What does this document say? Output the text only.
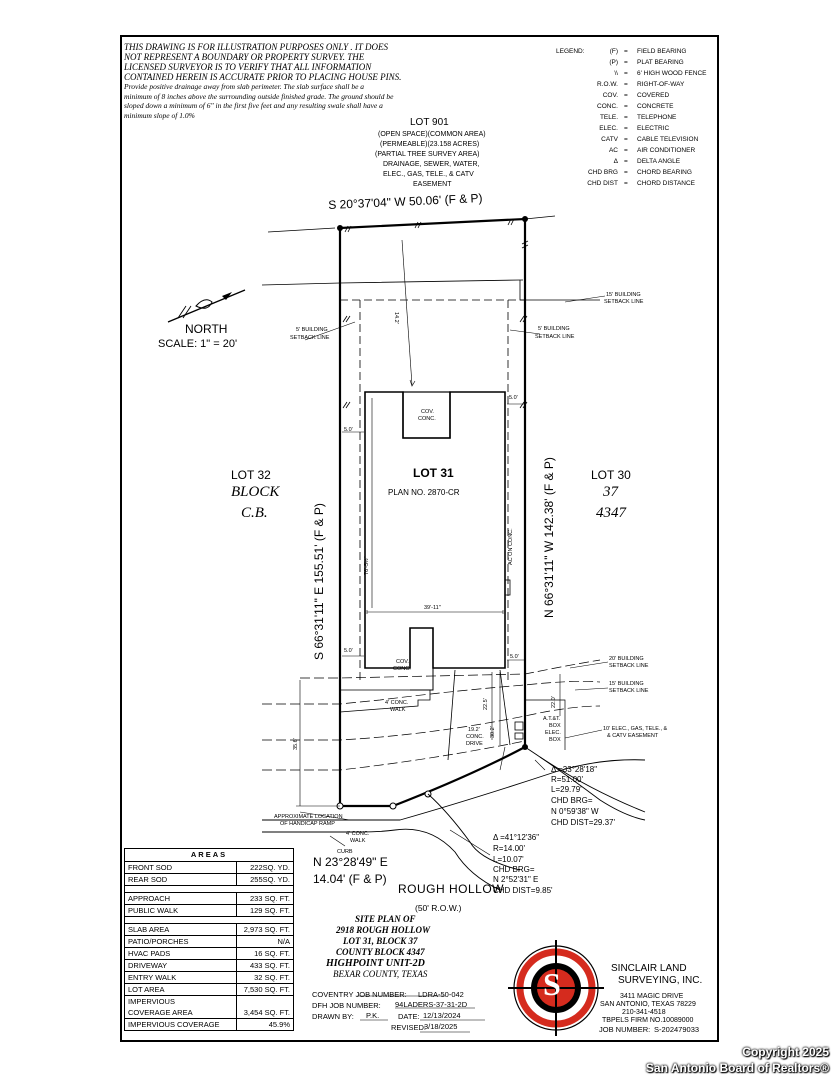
THIS DRAWING IS FOR ILLUSTRATION PURPOSES ONLY . IT DOES
NOT REPRESENT A BOUNDARY OR PROPERTY SURVEY. THE
LICENSED SURVEYOR IS TO VERIFY THAT ALL INFORMATION
CONTAINED HEREIN IS ACCURATE PRIOR TO PLACING HOUSE PINS.
Provide positive drainage away from slab perimeter. The slab surface shall be a
minimum of 8 inches above the surrounding outside finished grade. The ground should be
sloped down a minimum of 6" in the first five feet and any resulting swale shall have a
minimum slope of 1.0%
LEGEND:	(F) = FIELD BEARING
(P) = PLAT BEARING
\\ = 6' HIGH WOOD FENCE
R.O.W. = RIGHT-OF-WAY
COV. = COVERED
CONC. = CONCRETE
TELE. = TELEPHONE
ELEC. = ELECTRIC
CATV = CABLE TELEVISION
AC = AIR CONDITIONER
Δ = DELTA ANGLE
CHD BRG = CHORD BEARING
CHD DIST = CHORD DISTANCE
LOT 901
(OPEN SPACE)(COMMON AREA)
(PERMEABLE)(23.158 ACRES)
(PARTIAL TREE SURVEY AREA)
DRAINAGE, SEWER, WATER,
ELEC., GAS, TELE., & CATV
EASEMENT
S 20°37'04" W 50.06' (F & P)
S 66°31'11" E 155.51' (F & P)	N 66°31'11" W 142.38' (F & P)
N 23°28'49" E
14.04' (F & P)
NORTH
SCALE: 1" = 20'
LOT 31
PLAN NO. 2870-CR
LOT 32
BLOCK
C.B.
LOT 30
37
4347
14.2'
5.0'
5.0'
5.0'
5.0'
76'-5½"
39'-11"
22.0'
22.5'
30.2'
35.6'
COV.
CONC.
COV.
CONC.
AC ON CONC.
15' BUILDING
SETBACK LINE
5' BUILDING
SETBACK LINE
5' BUILDING
SETBACK LINE
20' BUILDING
SETBACK LINE
15' BUILDING
SETBACK LINE
10' ELEC., GAS, TELE., &
& CATV EASEMENT
4' CONC.
WALK
19.2'
CONC.
DRIVE
A.T.&T.
BOX
ELEC.
BOX
APPROXIMATE LOCATION
OF HANDICAP RAMP
4' CONC.
WALK
CURB
Δ =33°28'18"
R=51.00'
L=29.79'
CHD BRG=
N 0°59'38" W
CHD DIST=29.37'
Δ =41°12'36"
R=14.00'
L=10.07'
CHD BRG=
N 2°52'31" E
CHD DIST=9.85'
ROUGH HOLLOW
(50' R.O.W.)
SITE PLAN OF
2918 ROUGH HOLLOW
LOT 31, BLOCK 37
COUNTY BLOCK 4347
HIGHPOINT UNIT-2D
BEXAR COUNTY, TEXAS
COVENTRY JOB NUMBER: LDRA-50-042
DFH JOB NUMBER: 94LADERS-37-31-2D
DRAWN BY: P.K.	DATE: 12/13/2024
REVISED:
3/18/2025
S	SINCLAIR LAND
SURVEYING, INC.
3411 MAGIC DRIVE
SAN ANTONIO, TEXAS 78229
210-341-4518
TBPELS FIRM NO.10089000
JOB NUMBER: S-202479033
AREAS
FRONT SOD	222SQ. YD.
REAR SOD	255SQ. YD.
APPROACH	233 SQ. FT.
PUBLIC WALK	129 SQ. FT.
SLAB AREA	2,973 SQ. FT.
PATIO/PORCHES	N/A
HVAC PADS	16 SQ. FT.
DRIVEWAY	433 SQ. FT.
ENTRY WALK	32 SQ. FT.
LOT AREA	7,530 SQ. FT.
IMPERVIOUS
COVERAGE AREA	3,454 SQ. FT.
IMPERVIOUS COVERAGE	45.9%
Copyright 2025
San Antonio Board of Realtors®
